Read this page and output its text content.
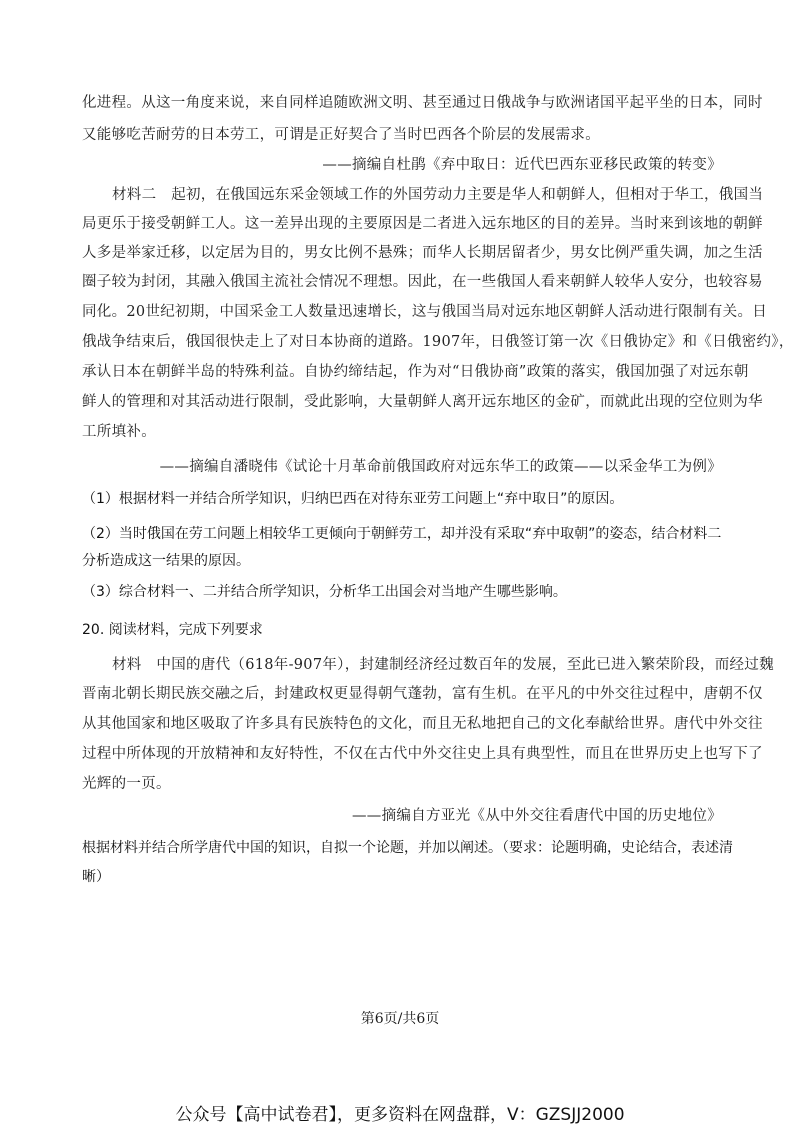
化进程。从这一角度来说，来自同样追随欧洲文明、甚至通过日俄战争与欧洲诸国平起平坐的日本，同时
又能够吃苦耐劳的日本劳工，可谓是正好契合了当时巴西各个阶层的发展需求。
——摘编自杜鹃《弃中取日：近代巴西东亚移民政策的转变》
材料二　起初，在俄国远东采金领域工作的外国劳动力主要是华人和朝鲜人，但相对于华工，俄国当
局更乐于接受朝鲜工人。这一差异出现的主要原因是二者进入远东地区的目的差异。当时来到该地的朝鲜
人多是举家迁移，以定居为目的，男女比例不悬殊；而华人长期居留者少，男女比例严重失调，加之生活
圈子较为封闭，其融入俄国主流社会情况不理想。因此，在一些俄国人看来朝鲜人较华人安分，也较容易
同化。20世纪初期，中国采金工人数量迅速增长，这与俄国当局对远东地区朝鲜人活动进行限制有关。日
俄战争结束后，俄国很快走上了对日本协商的道路。1907年，日俄签订第一次《日俄协定》和《日俄密约》，
承认日本在朝鲜半岛的特殊利益。自协约缔结起，作为对“日俄协商”政策的落实，俄国加强了对远东朝
鲜人的管理和对其活动进行限制，受此影响，大量朝鲜人离开远东地区的金矿，而就此出现的空位则为华
工所填补。
——摘编自潘晓伟《试论十月革命前俄国政府对远东华工的政策——以采金华工为例》
（1）根据材料一并结合所学知识，归纳巴西在对待东亚劳工问题上“弃中取日”的原因。
（2）当时俄国在劳工问题上相较华工更倾向于朝鲜劳工，却并没有采取“弃中取朝”的姿态，结合材料二
分析造成这一结果的原因。
（3）综合材料一、二并结合所学知识，分析华工出国会对当地产生哪些影响。
20. 阅读材料，完成下列要求
材料　中国的唐代（618年-907年），封建制经济经过数百年的发展，至此已进入繁荣阶段，而经过魏
晋南北朝长期民族交融之后，封建政权更显得朝气蓬勃，富有生机。在平凡的中外交往过程中，唐朝不仅
从其他国家和地区吸取了许多具有民族特色的文化，而且无私地把自己的文化奉献给世界。唐代中外交往
过程中所体现的开放精神和友好特性，不仅在古代中外交往史上具有典型性，而且在世界历史上也写下了
光辉的一页。
——摘编自方亚光《从中外交往看唐代中国的历史地位》
根据材料并结合所学唐代中国的知识，自拟一个论题，并加以阐述。（要求：论题明确，史论结合，表述清
晰）
第6页/共6页
公众号【高中试卷君】，更多资料在网盘群，V：GZSJJ2000
